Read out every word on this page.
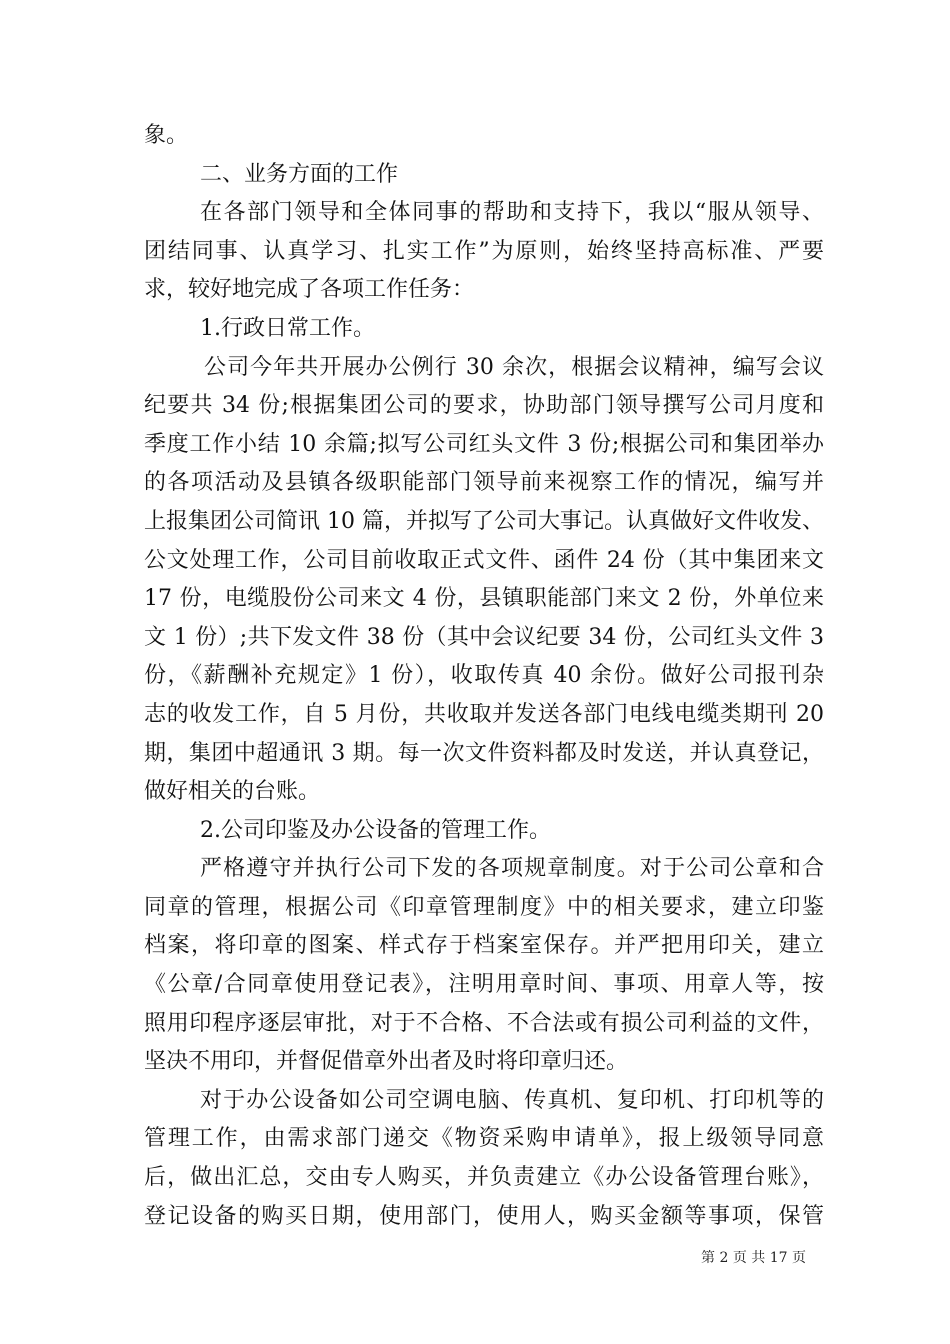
象。
二、业务方面的工作
在各部门领导和全体同事的帮助和支持下，我以“服从领导、
团结同事、认真学习、扎实工作”为原则，始终坚持高标准、严要
求，较好地完成了各项工作任务：
1.行政日常工作。
公司今年共开展办公例行 30 余次，根据会议精神，编写会议
纪要共 34 份;根据集团公司的要求，协助部门领导撰写公司月度和
季度工作小结 10 余篇;拟写公司红头文件 3 份;根据公司和集团举办
的各项活动及县镇各级职能部门领导前来视察工作的情况，编写并
上报集团公司简讯 10 篇，并拟写了公司大事记。认真做好文件收发、
公文处理工作，公司目前收取正式文件、函件 24 份（其中集团来文
17 份，电缆股份公司来文 4 份，县镇职能部门来文 2 份，外单位来
文 1 份）;共下发文件 38 份（其中会议纪要 34 份，公司红头文件 3
份，《薪酬补充规定》1 份），收取传真 40 余份。做好公司报刊杂
志的收发工作，自 5 月份，共收取并发送各部门电线电缆类期刊 20
期，集团中超通讯 3 期。每一次文件资料都及时发送，并认真登记，
做好相关的台账。
2.公司印鉴及办公设备的管理工作。
严格遵守并执行公司下发的各项规章制度。对于公司公章和合
同章的管理，根据公司《印章管理制度》中的相关要求，建立印鉴
档案，将印章的图案、样式存于档案室保存。并严把用印关，建立
《公章/合同章使用登记表》，注明用章时间、事项、用章人等，按
照用印程序逐层审批，对于不合格、不合法或有损公司利益的文件，
坚决不用印，并督促借章外出者及时将印章归还。
对于办公设备如公司空调电脑、传真机、复印机、打印机等的
管理工作，由需求部门递交《物资采购申请单》，报上级领导同意
后，做出汇总，交由专人购买，并负责建立《办公设备管理台账》，
登记设备的购买日期，使用部门，使用人，购买金额等事项，保管
第 2 页 共 17 页
